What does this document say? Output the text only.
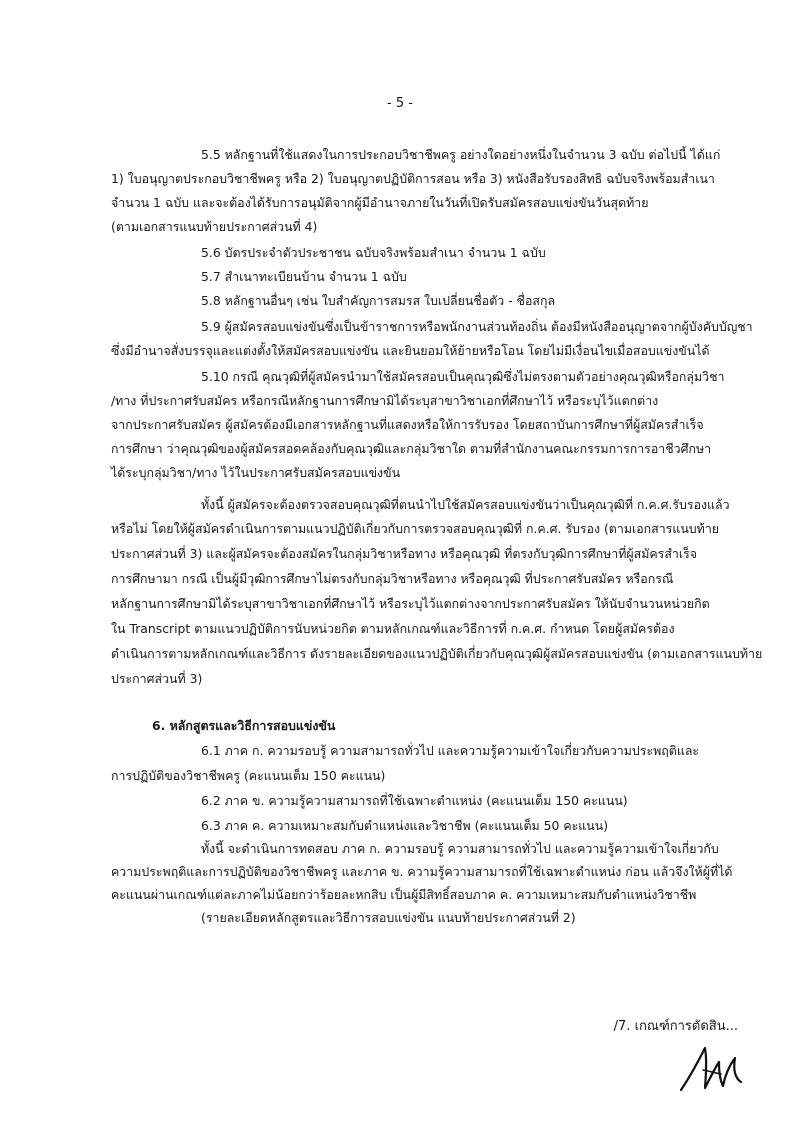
- 5 -
5.5 หลักฐานที่ใช้แสดงในการประกอบวิชาชีพครู อย่างใดอย่างหนึ่งในจำนวน 3 ฉบับ ต่อไปนี้ ได้แก่
1) ใบอนุญาตประกอบวิชาชีพครู หรือ 2) ใบอนุญาตปฏิบัติการสอน หรือ 3) หนังสือรับรองสิทธิ ฉบับจริงพร้อมสำเนา
จำนวน 1 ฉบับ และจะต้องได้รับการอนุมัติจากผู้มีอำนาจภายในวันที่เปิดรับสมัครสอบแข่งขันวันสุดท้าย
(ตามเอกสารแนบท้ายประกาศส่วนที่ 4)
5.6 บัตรประจำตัวประชาชน ฉบับจริงพร้อมสำเนา จำนวน 1 ฉบับ
5.7 สำเนาทะเบียนบ้าน จำนวน 1 ฉบับ
5.8 หลักฐานอื่นๆ เช่น ใบสำคัญการสมรส ใบเปลี่ยนชื่อตัว - ชื่อสกุล
5.9 ผู้สมัครสอบแข่งขันซึ่งเป็นข้าราชการหรือพนักงานส่วนท้องถิ่น ต้องมีหนังสืออนุญาตจากผู้บังคับบัญชา
ซึ่งมีอำนาจสั่งบรรจุและแต่งตั้งให้สมัครสอบแข่งขัน และยินยอมให้ย้ายหรือโอน โดยไม่มีเงื่อนไขเมื่อสอบแข่งขันได้
5.10 กรณี คุณวุฒิที่ผู้สมัครนำมาใช้สมัครสอบเป็นคุณวุฒิซึ่งไม่ตรงตามตัวอย่างคุณวุฒิหรือกลุ่มวิชา
/ทาง ที่ประกาศรับสมัคร หรือกรณีหลักฐานการศึกษามิได้ระบุสาขาวิชาเอกที่ศึกษาไว้ หรือระบุไว้แตกต่าง
จากประกาศรับสมัคร ผู้สมัครต้องมีเอกสารหลักฐานที่แสดงหรือให้การรับรอง โดยสถาบันการศึกษาที่ผู้สมัครสำเร็จ
การศึกษา ว่าคุณวุฒิของผู้สมัครสอดคล้องกับคุณวุฒิและกลุ่มวิชาใด ตามที่สำนักงานคณะกรรมการการอาชีวศึกษา
ได้ระบุกลุ่มวิชา/ทาง ไว้ในประกาศรับสมัครสอบแข่งขัน
ทั้งนี้ ผู้สมัครจะต้องตรวจสอบคุณวุฒิที่ตนนำไปใช้สมัครสอบแข่งขันว่าเป็นคุณวุฒิที่ ก.ค.ศ.รับรองแล้ว
หรือไม่ โดยให้ผู้สมัครดำเนินการตามแนวปฏิบัติเกี่ยวกับการตรวจสอบคุณวุฒิที่ ก.ค.ศ. รับรอง (ตามเอกสารแนบท้าย
ประกาศส่วนที่ 3) และผู้สมัครจะต้องสมัครในกลุ่มวิชาหรือทาง หรือคุณวุฒิ ที่ตรงกับวุฒิการศึกษาที่ผู้สมัครสำเร็จ
การศึกษามา กรณี เป็นผู้มีวุฒิการศึกษาไม่ตรงกับกลุ่มวิชาหรือทาง หรือคุณวุฒิ ที่ประกาศรับสมัคร หรือกรณี
หลักฐานการศึกษามิได้ระบุสาขาวิชาเอกที่ศึกษาไว้ หรือระบุไว้แตกต่างจากประกาศรับสมัคร ให้นับจำนวนหน่วยกิต
ใน Transcript ตามแนวปฏิบัติการนับหน่วยกิต ตามหลักเกณฑ์และวิธีการที่ ก.ค.ศ. กำหนด โดยผู้สมัครต้อง
ดำเนินการตามหลักเกณฑ์และวิธีการ ดังรายละเอียดของแนวปฏิบัติเกี่ยวกับคุณวุฒิผู้สมัครสอบแข่งขัน (ตามเอกสารแนบท้าย
ประกาศส่วนที่ 3)
6. หลักสูตรและวิธีการสอบแข่งขัน
6.1 ภาค ก. ความรอบรู้ ความสามารถทั่วไป และความรู้ความเข้าใจเกี่ยวกับความประพฤติและ
การปฏิบัติของวิชาชีพครู (คะแนนเต็ม 150 คะแนน)
6.2 ภาค ข. ความรู้ความสามารถที่ใช้เฉพาะตำแหน่ง (คะแนนเต็ม 150 คะแนน)
6.3 ภาค ค. ความเหมาะสมกับตำแหน่งและวิชาชีพ (คะแนนเต็ม 50 คะแนน)
ทั้งนี้ จะดำเนินการทดสอบ ภาค ก. ความรอบรู้ ความสามารถทั่วไป และความรู้ความเข้าใจเกี่ยวกับ
ความประพฤติและการปฏิบัติของวิชาชีพครู และภาค ข. ความรู้ความสามารถที่ใช้เฉพาะตำแหน่ง ก่อน แล้วจึงให้ผู้ที่ได้
คะแนนผ่านเกณฑ์แต่ละภาคไม่น้อยกว่าร้อยละหกสิบ เป็นผู้มีสิทธิ์สอบภาค ค. ความเหมาะสมกับตำแหน่งวิชาชีพ
(รายละเอียดหลักสูตรและวิธีการสอบแข่งขัน แนบท้ายประกาศส่วนที่ 2)
/7. เกณฑ์การตัดสิน...
